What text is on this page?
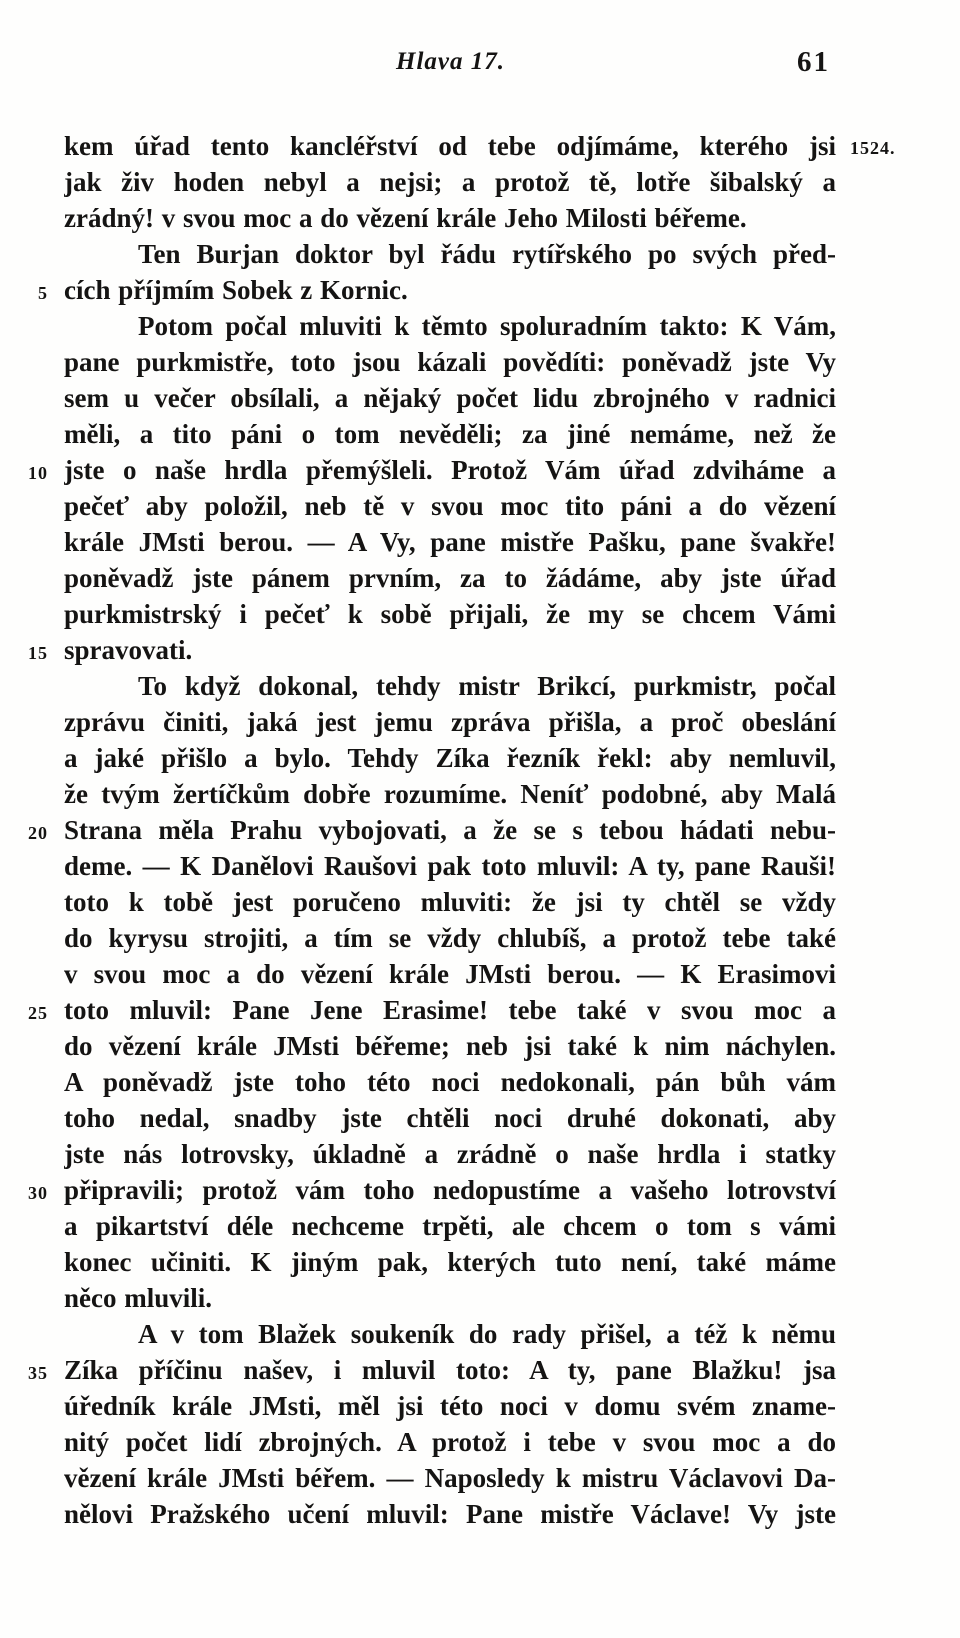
Hlava 17.	61
kem úřad tento kancléřství od tebe odjímáme, kterého jsi 1524.
jak živ hoden nebyl a nejsi; a protož tě, lotře šibalský a
zrádný! v svou moc a do vězení krále Jeho Milosti béřeme.
Ten Burjan doktor byl řádu rytířského po svých před-
5 cích příjmím Sobek z Kornic.
Potom počal mluviti k těmto spoluradním takto: K Vám,
pane purkmistře, toto jsou kázali povědíti: poněvadž jste Vy
sem u večer obsílali, a nějaký počet lidu zbrojného v radnici
měli, a tito páni o tom nevěděli; za jiné nemáme, než že
10 jste o naše hrdla přemýšleli. Protož Vám úřad zdviháme a
pečeť aby položil, neb tě v svou moc tito páni a do vězení
krále JMsti berou. — A Vy, pane mistře Pašku, pane švakře!
poněvadž jste pánem prvním, za to žádáme, aby jste úřad
purkmistrský i pečeť k sobě přijali, že my se chcem Vámi
15 spravovati.
To když dokonal, tehdy mistr Brikcí, purkmistr, počal
zprávu činiti, jaká jest jemu zpráva přišla, a proč obeslání
a jaké přišlo a bylo. Tehdy Zíka řezník řekl: aby nemluvil,
že tvým žertíčkům dobře rozumíme. Neníť podobné, aby Malá
20 Strana měla Prahu vybojovati, a že se s tebou hádati nebu-
deme. — K Danělovi Raušovi pak toto mluvil: A ty, pane Rauši!
toto k tobě jest poručeno mluviti: že jsi ty chtěl se vždy
do kyrysu strojiti, a tím se vždy chlubíš, a protož tebe také
v svou moc a do vězení krále JMsti berou. — K Erasimovi
25 toto mluvil: Pane Jene Erasime! tebe také v svou moc a
do vězení krále JMsti béřeme; neb jsi také k nim náchylen.
A poněvadž jste toho této noci nedokonali, pán bůh vám
toho nedal, snadby jste chtěli noci druhé dokonati, aby
jste nás lotrovsky, úkladně a zrádně o naše hrdla i statky
30 připravili; protož vám toho nedopustíme a vašeho lotrovství
a pikartství déle nechceme trpěti, ale chcem o tom s vámi
konec učiniti. K jiným pak, kterých tuto není, také máme
něco mluvili.
A v tom Blažek soukeník do rady přišel, a též k němu
35 Zíka příčinu našev, i mluvil toto: A ty, pane Blažku! jsa
úředník krále JMsti, měl jsi této noci v domu svém zname-
nitý počet lidí zbrojných. A protož i tebe v svou moc a do
vězení krále JMsti béřem. — Naposledy k mistru Václavovi Da-
nělovi Pražského učení mluvil: Pane mistře Václave! Vy jste
